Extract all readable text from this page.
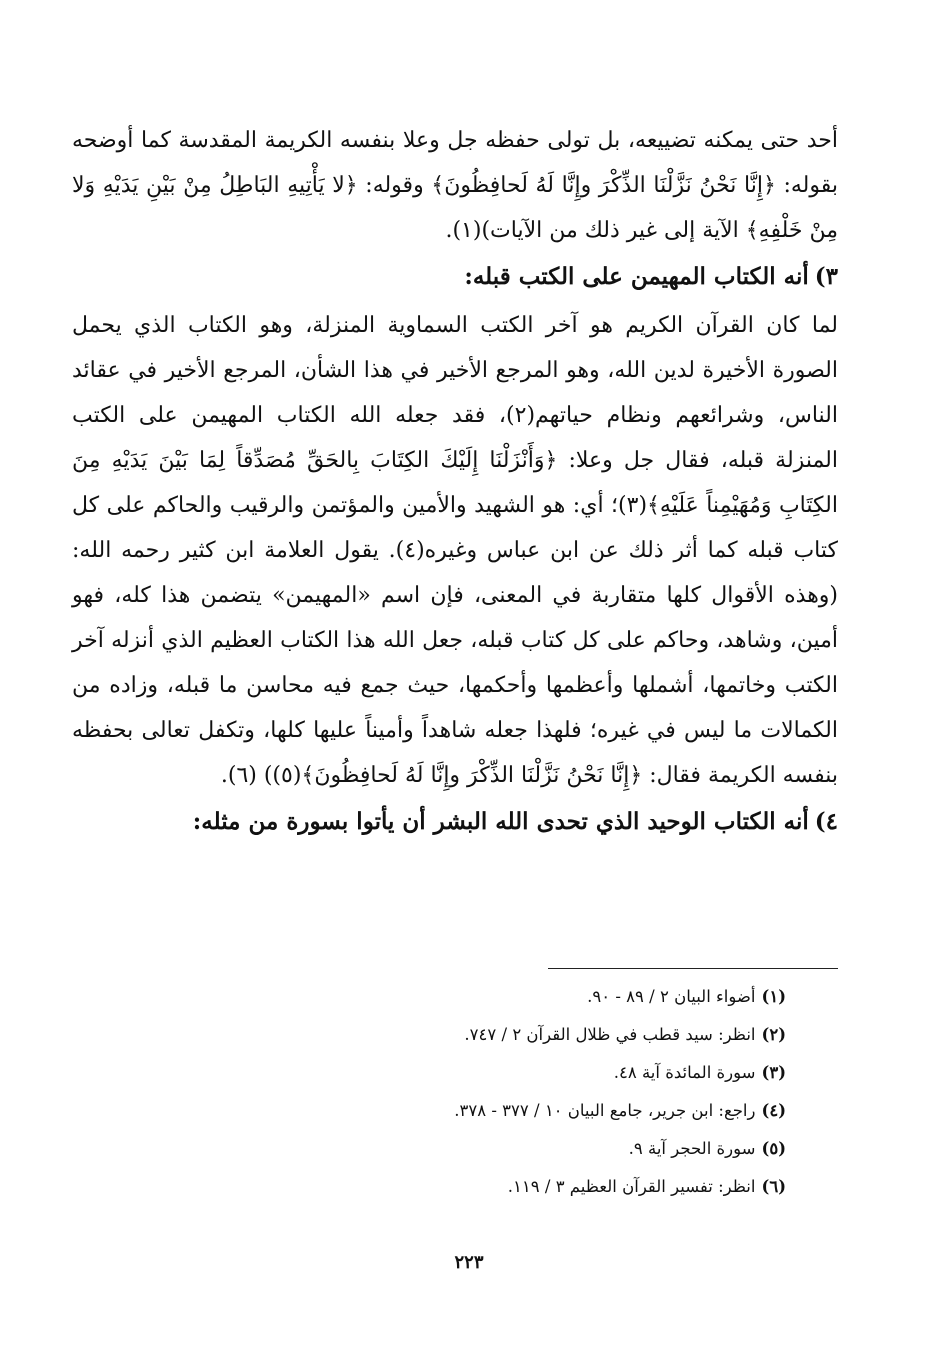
أحد حتى يمكنه تضييعه، بل تولى حفظه جل وعلا بنفسه الكريمة المقدسة كما أوضحه بقوله: ﴿إِنَّا نَحْنُ نَزَّلْنَا الذِّكْرَ وإِنَّا لَهُ لَحافِظُونَ﴾ وقوله: ﴿لا يَأْتِيهِ البَاطِلُ مِنْ بَيْنِ يَدَيْهِ وَلا مِنْ خَلْفِهِ﴾ الآية إلى غير ذلك من الآيات)(١).

٣)أنه الكتاب المهيمن على الكتب قبله:

لما كان القرآن الكريم هو آخر الكتب السماوية المنزلة، وهو الكتاب الذي يحمل الصورة الأخيرة لدين الله، وهو المرجع الأخير في هذا الشأن، المرجع الأخير في عقائد الناس، وشرائعهم ونظام حياتهم(٢)، فقد جعله الله الكتاب المهيمن على الكتب المنزلة قبله، فقال جل وعلا: ﴿وَأَنْزَلْنَا إِلَيْكَ الكِتَابَ بِالحَقِّ مُصَدِّقاً لِمَا بَيْنَ يَدَيْهِ مِنَ الكِتَابِ وَمُهَيْمِناً عَلَيْهِ﴾(٣)؛ أي: هو الشهيد والأمين والمؤتمن والرقيب والحاكم على كل كتاب قبله كما أثر ذلك عن ابن عباس وغيره(٤). يقول العلامة ابن كثير رحمه الله: (وهذه الأقوال كلها متقاربة في المعنى، فإن اسم «المهيمن» يتضمن هذا كله، فهو أمين، وشاهد، وحاكم على كل كتاب قبله، جعل الله هذا الكتاب العظيم الذي أنزله آخر الكتب وخاتمها، أشملها وأعظمها وأحكمها، حيث جمع فيه محاسن ما قبله، وزاده من الكمالات ما ليس في غيره؛ فلهذا جعله شاهداً وأميناً عليها كلها، وتكفل تعالى بحفظه بنفسه الكريمة فقال: ﴿إِنَّا نَحْنُ نَزَّلْنَا الذِّكْرَ وإِنَّا لَهُ لَحافِظُونَ﴾(٥)) (٦).

٤)أنه الكتاب الوحيد الذي تحدى الله البشر أن يأتوا بسورة من مثله:

(١)أضواء البيان ٢ / ٨٩ - ٩٠.

(٢)انظر: سيد قطب في ظلال القرآن ٢ / ٧٤٧.

(٣)سورة المائدة آية ٤٨.

(٤)راجع: ابن جرير، جامع البيان ١٠ / ٣٧٧ - ٣٧٨.

(٥)سورة الحجر آية ٩.

(٦)انظر: تفسير القرآن العظيم ٣ / ١١٩.

٢٢٣
